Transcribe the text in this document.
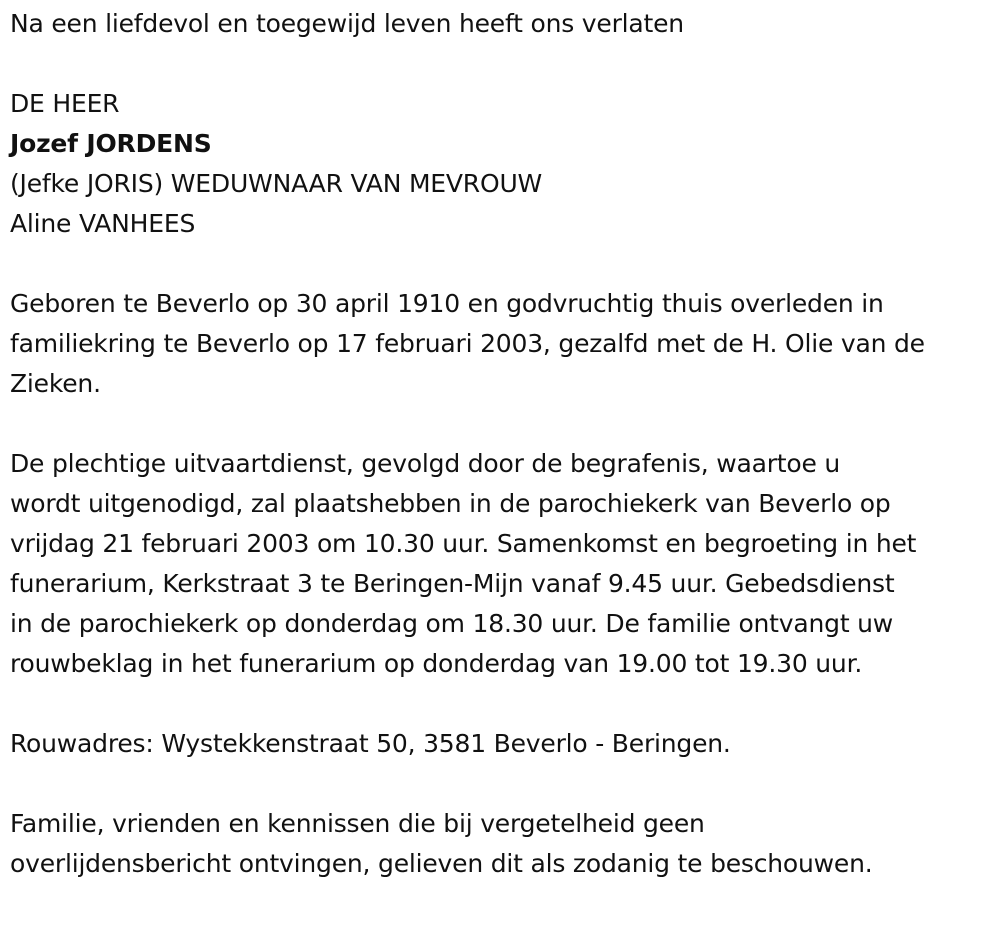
Na een liefdevol en toegewijd leven heeft ons verlaten

DE HEER
Jozef JORDENS
(Jefke JORIS) WEDUWNAAR VAN MEVROUW
Aline VANHEES

Geboren te Beverlo op 30 april 1910 en godvruchtig thuis overleden in
familiekring te Beverlo op 17 februari 2003, gezalfd met de H. Olie van de
Zieken.

De plechtige uitvaartdienst, gevolgd door de begrafenis, waartoe u
wordt uitgenodigd, zal plaatshebben in de parochiekerk van Beverlo op
vrijdag 21 februari 2003 om 10.30 uur. Samenkomst en begroeting in het
funerarium, Kerkstraat 3 te Beringen-Mijn vanaf 9.45 uur. Gebedsdienst
in de parochiekerk op donderdag om 18.30 uur. De familie ontvangt uw
rouwbeklag in het funerarium op donderdag van 19.00 tot 19.30 uur.

Rouwadres: Wystekkenstraat 50, 3581 Beverlo - Beringen.

Familie, vrienden en kennissen die bij vergetelheid geen
overlijdensbericht ontvingen, gelieven dit als zodanig te beschouwen.
